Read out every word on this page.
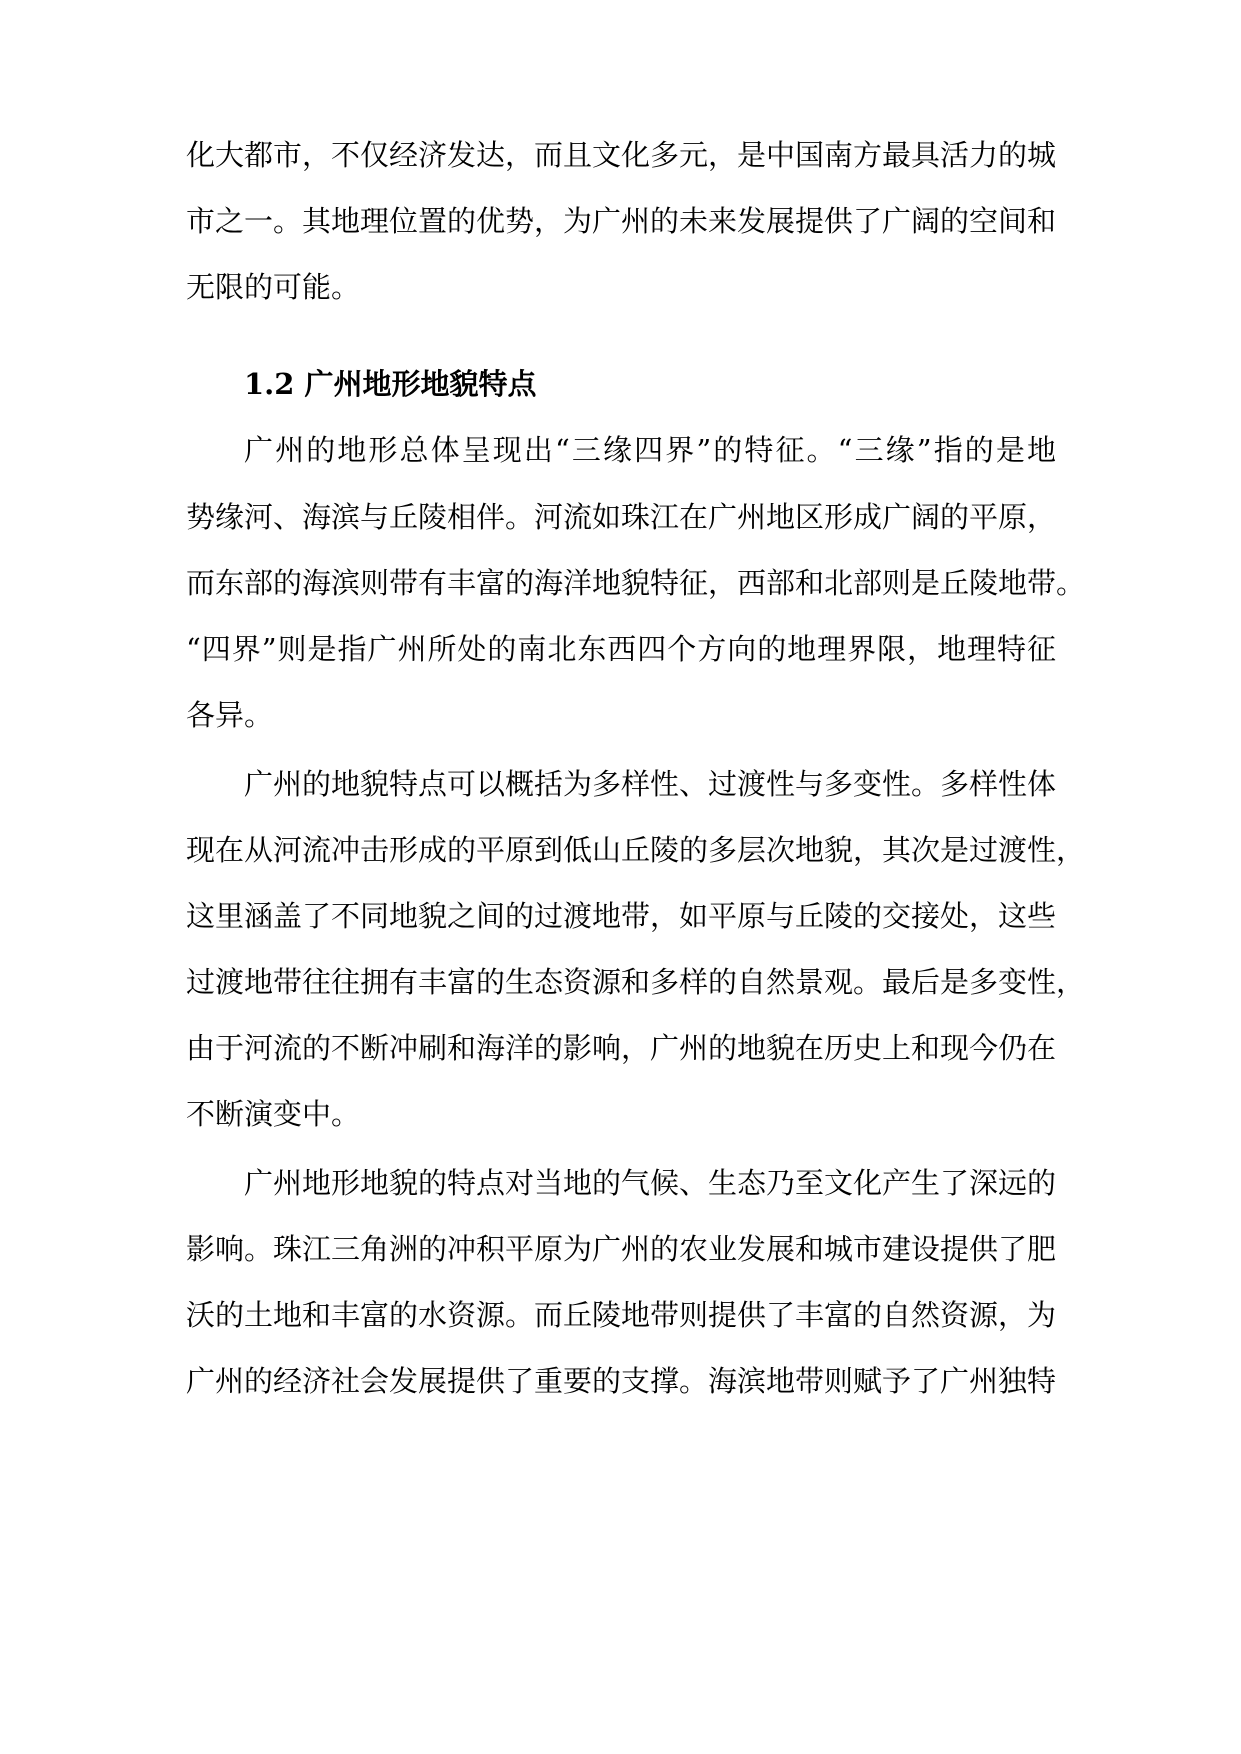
化大都市，不仅经济发达，而且文化多元，是中国南方最具活力的城
市之一。其地理位置的优势，为广州的未来发展提供了广阔的空间和
无限的可能。
1.2 广州地形地貌特点
广州的地形总体呈现出“三缘四界”的特征。“三缘”指的是地
势缘河、海滨与丘陵相伴。河流如珠江在广州地区形成广阔的平原，
而东部的海滨则带有丰富的海洋地貌特征，西部和北部则是丘陵地带。
“四界”则是指广州所处的南北东西四个方向的地理界限，地理特征
各异。
广州的地貌特点可以概括为多样性、过渡性与多变性。多样性体
现在从河流冲击形成的平原到低山丘陵的多层次地貌，其次是过渡性，
这里涵盖了不同地貌之间的过渡地带，如平原与丘陵的交接处，这些
过渡地带往往拥有丰富的生态资源和多样的自然景观。最后是多变性，
由于河流的不断冲刷和海洋的影响，广州的地貌在历史上和现今仍在
不断演变中。
广州地形地貌的特点对当地的气候、生态乃至文化产生了深远的
影响。珠江三角洲的冲积平原为广州的农业发展和城市建设提供了肥
沃的土地和丰富的水资源。而丘陵地带则提供了丰富的自然资源，为
广州的经济社会发展提供了重要的支撑。海滨地带则赋予了广州独特
